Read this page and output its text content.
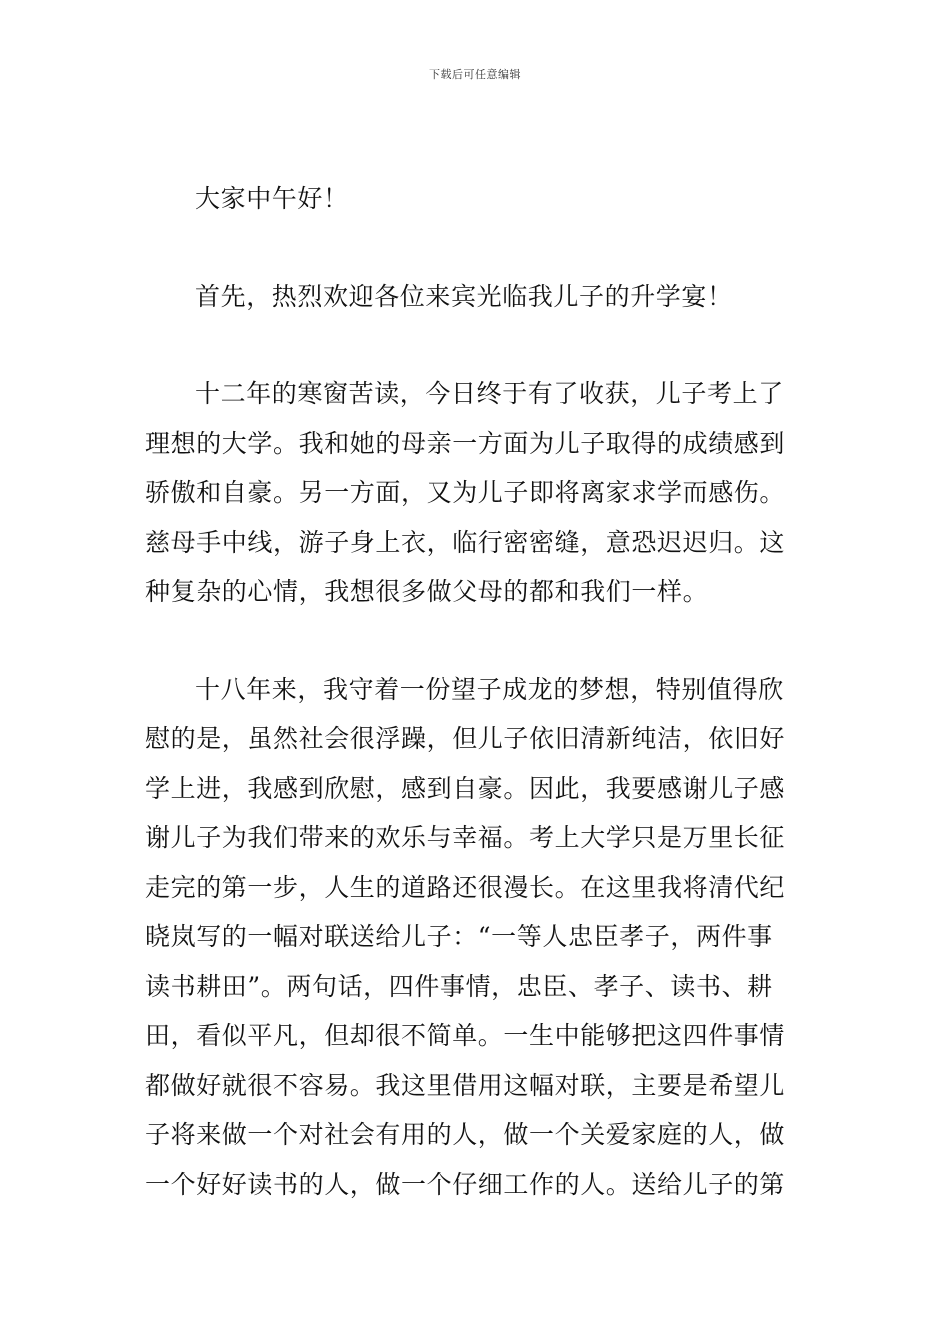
下载后可任意编辑

大家中午好！

首先，热烈欢迎各位来宾光临我儿子的升学宴！

十二年的寒窗苦读，今日终于有了收获，儿子考上了
理想的大学。我和她的母亲一方面为儿子取得的成绩感到
骄傲和自豪。另一方面，又为儿子即将离家求学而感伤。
慈母手中线，游子身上衣，临行密密缝，意恐迟迟归。这
种复杂的心情，我想很多做父母的都和我们一样。

十八年来，我守着一份望子成龙的梦想，特别值得欣
慰的是，虽然社会很浮躁，但儿子依旧清新纯洁，依旧好
学上进，我感到欣慰，感到自豪。因此，我要感谢儿子感
谢儿子为我们带来的欢乐与幸福。考上大学只是万里长征
走完的第一步，人生的道路还很漫长。在这里我将清代纪
晓岚写的一幅对联送给儿子：“一等人忠臣孝子，两件事
读书耕田”。两句话，四件事情，忠臣、孝子、读书、耕
田，看似平凡，但却很不简单。一生中能够把这四件事情
都做好就很不容易。我这里借用这幅对联，主要是希望儿
子将来做一个对社会有用的人，做一个关爱家庭的人，做
一个好好读书的人，做一个仔细工作的人。送给儿子的第
